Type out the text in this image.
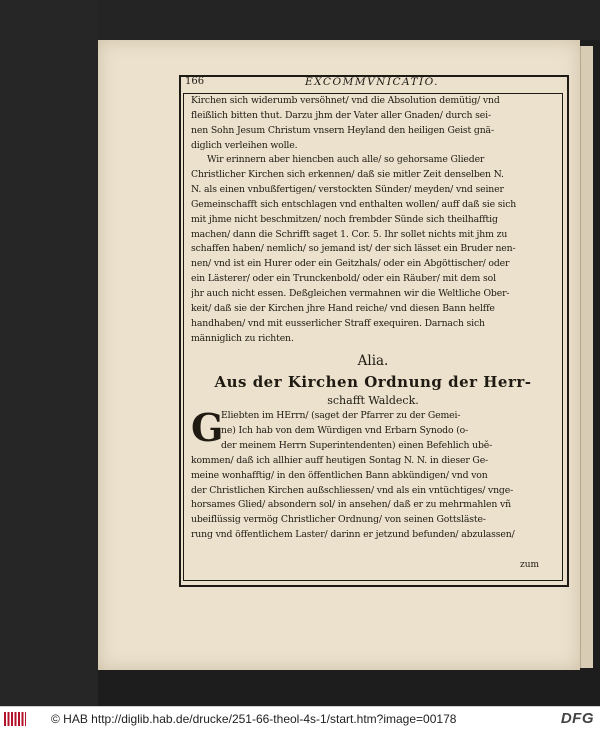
166	EXCOMMVNICATIO.
Kirchen sich widerumb versöhnet/ vnd die Absolution demütig/ vnd
fleißlich bitten thut. Darzu jhm der Vater aller Gnaden/ durch sei-
nen Sohn Jesum Christum vnsern Heyland den heiligen Geist gnä-
diglich verleihen wolle.
Wir erinnern aber hiencben auch alle/ so gehorsame Glieder
Christlicher Kirchen sich erkennen/ daß sie mitler Zeit denselben N.
N. als einen vnbußfertigen/ verstockten Sünder/ meyden/ vnd seiner
Gemeinschafft sich entschlagen vnd enthalten wollen/ auff daß sie sich
mit jhme nicht beschmitzen/ noch frembder Sünde sich theilhafftig
machen/ dann die Schrifft saget 1. Cor. 5. Ihr sollet nichts mit jhm zu
schaffen haben/ nemlich/ so jemand ist/ der sich lässet ein Bruder nen-
nen/ vnd ist ein Hurer oder ein Geitzhals/ oder ein Abgöttischer/ oder
ein Lästerer/ oder ein Trunckenbold/ oder ein Räuber/ mit dem sol
jhr auch nicht essen. Deßgleichen vermahnen wir die Weltliche Ober-
keit/ daß sie der Kirchen jhre Hand reiche/ vnd diesen Bann helffe
handhaben/ vnd mit eusserlicher Straff exequiren. Darnach sich
männiglich zu richten.
Alia.
Aus der Kirchen Ordnung der Herr-
schafft Waldeck.
G
Eliebten im HErrn/ (saget der Pfarrer zu der Gemei-
ne) Ich hab von dem Würdigen vnd Erbarn Synodo (o-
der meinem Herrn Superintendenten) einen Befehlich ubě-
kommen/ daß ich allhier auff heutigen Sontag N. N. in dieser Ge-
meine wonhafftig/ in den öffentlichen Bann abkündigen/ vnd von
der Christlichen Kirchen außschliessen/ vnd als ein vntüchtiges/ vnge-
horsames Glied/ absondern sol/ in ansehen/ daß er zu mehrmahlen vñ
ubeiflüssig vermög Christlicher Ordnung/ von seinen Gottsläste-
rung vnd öffentlichem Laster/ darinn er jetzund befunden/ abzulassen/
zum
© HAB http://diglib.hab.de/drucke/251-66-theol-4s-1/start.htm?image=00178	DFG
